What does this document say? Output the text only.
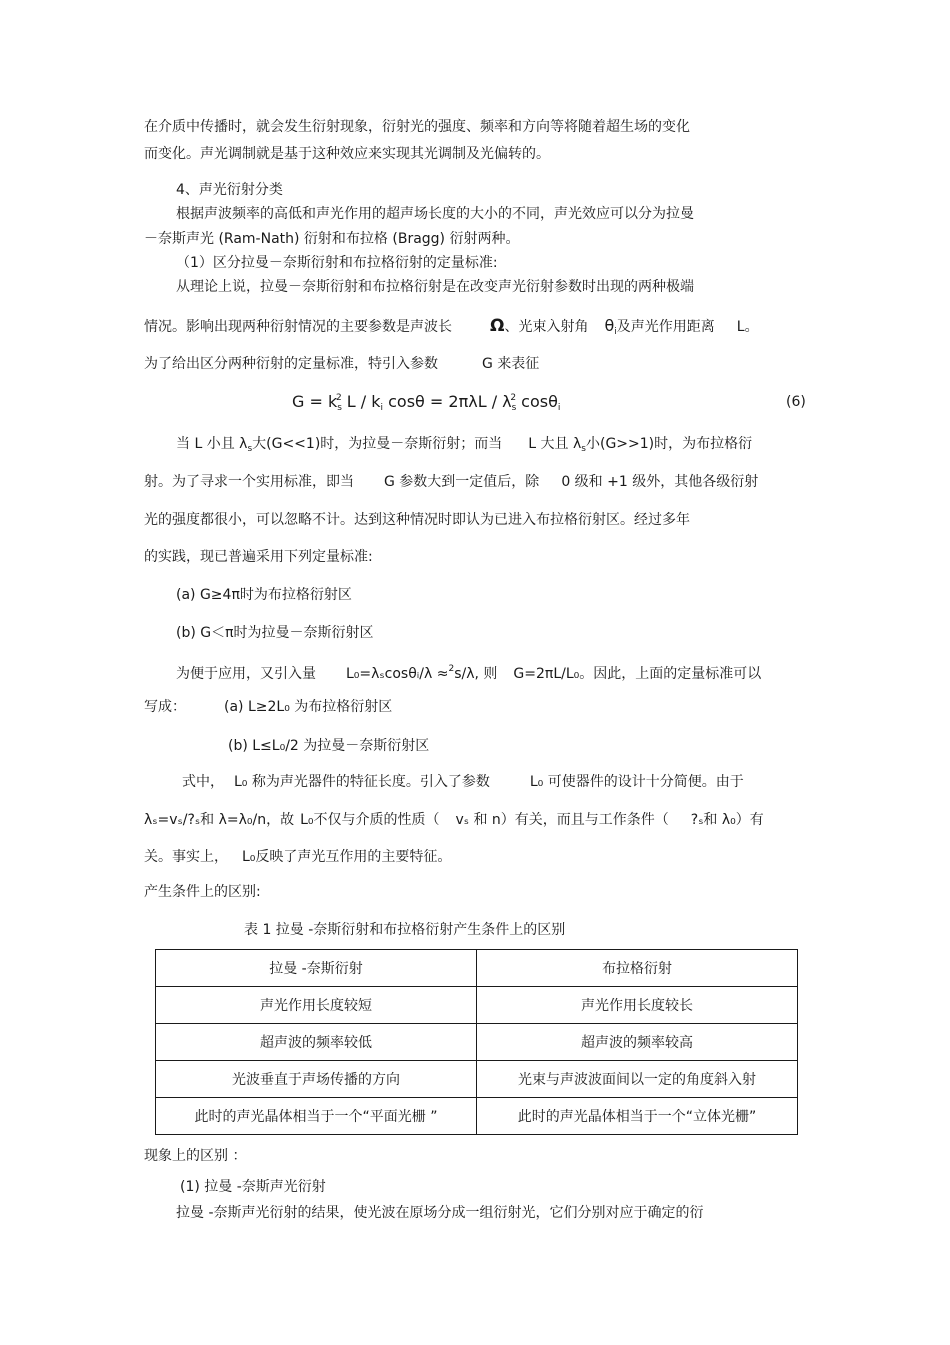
在介质中传播时，就会发生衍射现象，衍射光的强度、频率和方向等将随着超生场的变化
而变化。声光调制就是基于这种效应来实现其光调制及光偏转的。
4、声光衍射分类
根据声波频率的高低和声光作用的超声场长度的大小的不同，声光效应可以分为拉曼
－奈斯声光 (Ram-Nath) 衍射和布拉格 (Bragg) 衍射两种。
（1）区分拉曼－奈斯衍射和布拉格衍射的定量标准:
从理论上说，拉曼－奈斯衍射和布拉格衍射是在改变声光衍射参数时出现的两种极端
情况。影响出现两种衍射情况的主要参数是声波长 Ω、光束入射角 $\theta_i$及声光作用距离 L。
为了给出区分两种衍射的定量标准，特引入参数	G 来表征
$G = k_s^2$ L / $k_i$ $\cos\theta = 2\pi\lambda L / \lambda_s^2$ cosθ$_i$	(6)
当 L 小且 $\lambda_s$大(G<<1)时，为拉曼－奈斯衍射；而当 L 大且 $\lambda_s$小(G>>1)时，为布拉格衍
射。为了寻求一个实用标准，即当 G 参数大到一定值后，除 0 级和 +1 级外，其他各级衍射
光的强度都很小，可以忽略不计。达到这种情况时即认为已进入布拉格衍射区。经过多年
的实践，现已普遍采用下列定量标准:
(a) G≥4π时为布拉格衍射区
(b) G＜π时为拉曼－奈斯衍射区
为便于应用，又引入量 L₀=λₛcosθᵢ/λ ≈$^2$s/λ, 则 G=2πL/L₀。因此，上面的定量标准可以
写成：	(a) L≥2L₀ 为布拉格衍射区
(b) L≤L₀/2 为拉曼－奈斯衍射区
式中， L₀ 称为声光器件的特征长度。引入了参数	L₀ 可使器件的设计十分简便。由于
λₛ=vₛ/?ₛ和 λ=λ₀/n，故 L₀不仅与介质的性质（ vₛ 和 n）有关，而且与工作条件（ ?ₛ和 λ₀）有
关。事实上， L₀反映了声光互作用的主要特征。
产生条件上的区别:
表 1 拉曼 -奈斯衍射和布拉格衍射产生条件上的区别
拉曼 -奈斯衍射	布拉格衍射
声光作用长度较短	声光作用长度较长
超声波的频率较低	超声波的频率较高
光波垂直于声场传播的方向	光束与声波波面间以一定的角度斜入射
此时的声光晶体相当于一个“平面光栅 ”	此时的声光晶体相当于一个“立体光栅”
现象上的区别 ：
(1) 拉曼 -奈斯声光衍射
拉曼 -奈斯声光衍射的结果，使光波在原场分成一组衍射光，它们分别对应于确定的衍
